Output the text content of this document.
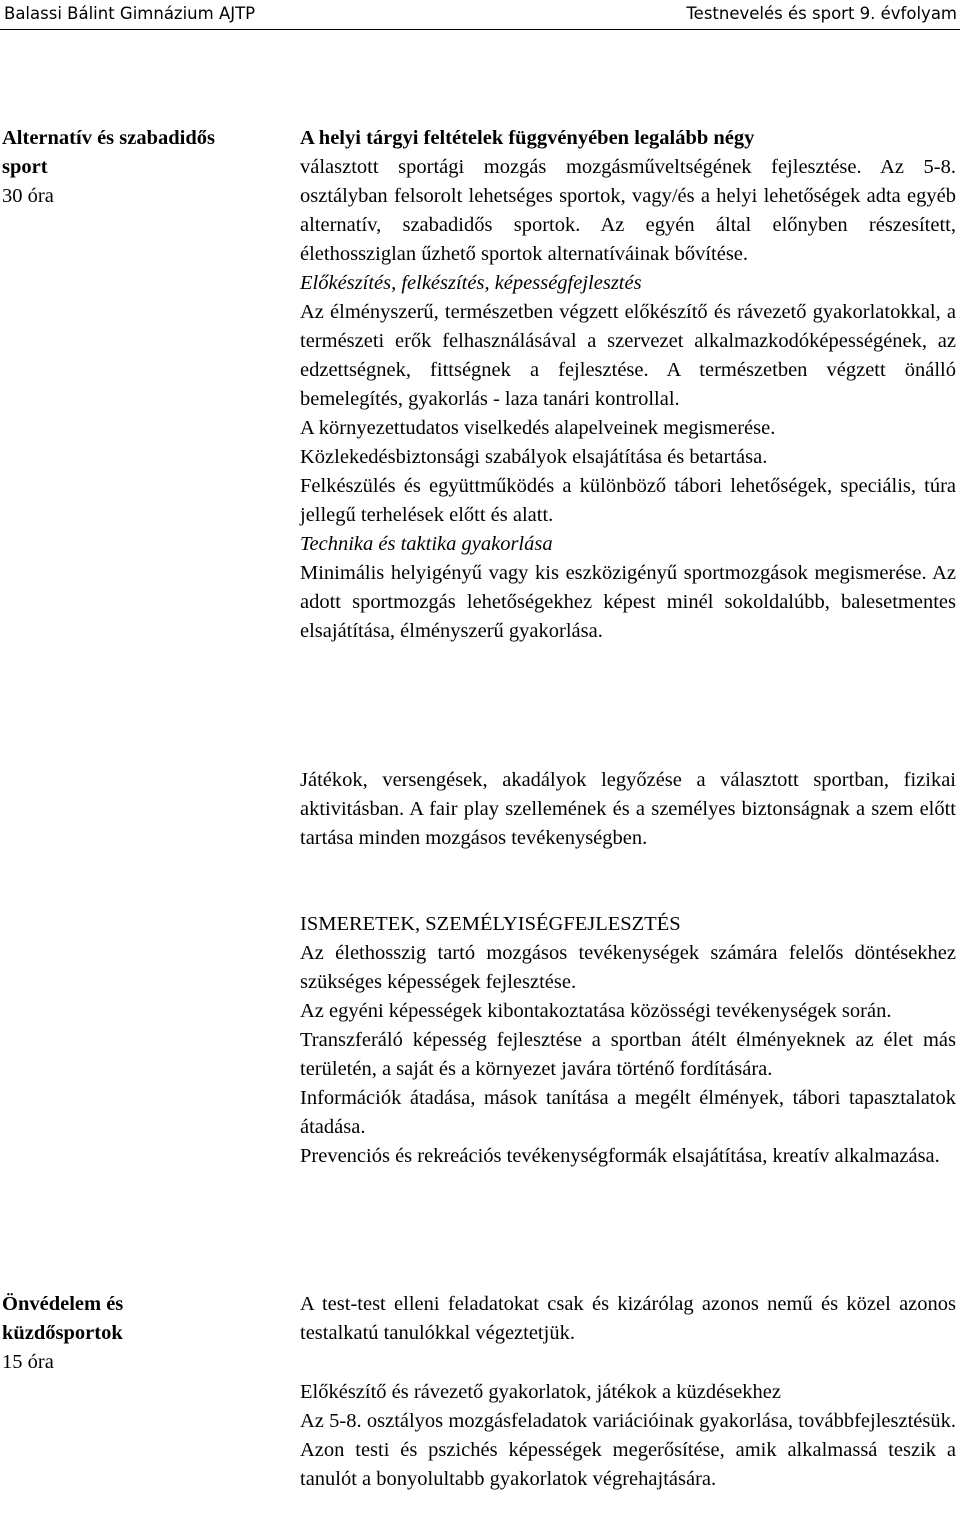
Balassi Bálint Gimnázium AJTP	Testnevelés és sport 9. évfolyam
Alternatív és szabadidős
sport
30 óra

A helyi tárgyi feltételek függvényében legalább négy

választott sportági mozgás mozgásműveltségének fejlesztése. Az 5-8. osztályban felsorolt lehetséges sportok, vagy/és a helyi lehetőségek adta egyéb alternatív, szabadidős sportok. Az egyén által előnyben részesített, élethossziglan űzhető sportok alternatíváinak bővítése.

Előkészítés, felkészítés, képességfejlesztés

Az élményszerű, természetben végzett előkészítő és rávezető gyakorlatokkal, a természeti erők felhasználásával a szervezet alkalmazkodóképességének, az edzettségnek, fittségnek a fejlesztése. A természetben végzett önálló bemelegítés, gyakorlás - laza tanári kontrollal.

A környezettudatos viselkedés alapelveinek megismerése.

Közlekedésbiztonsági szabályok elsajátítása és betartása.

Felkészülés és együttműködés a különböző tábori lehetőségek, speciális, túra jellegű terhelések előtt és alatt.

Technika és taktika gyakorlása

Minimális helyigényű vagy kis eszközigényű sportmozgások megismerése. Az adott sportmozgás lehetőségekhez képest minél sokoldalúbb, balesetmentes elsajátítása, élményszerű gyakorlása.

Játékok, versengések, akadályok legyőzése a választott sportban, fizikai aktivitásban. A fair play szellemének és a személyes biztonságnak a szem előtt tartása minden mozgásos tevékenységben.

ISMERETEK, SZEMÉLYISÉGFEJLESZTÉS

Az élethosszig tartó mozgásos tevékenységek számára felelős döntésekhez szükséges képességek fejlesztése.

Az egyéni képességek kibontakoztatása közösségi tevékenységek során.

Transzferáló képesség fejlesztése a sportban átélt élményeknek az élet más területén, a saját és a környezet javára történő fordítására.

Információk átadása, mások tanítása a megélt élmények, tábori tapasztalatok átadása.

Prevenciós és rekreációs tevékenységformák elsajátítása, kreatív alkalmazása.

Önvédelem és
küzdősportok
15 óra

A test-test elleni feladatokat csak és kizárólag azonos nemű és közel azonos testalkatú tanulókkal végeztetjük.

Előkészítő és rávezető gyakorlatok, játékok a küzdésekhez

Az 5-8. osztályos mozgásfeladatok variációinak gyakorlása, továbbfejlesztésük. Azon testi és pszichés képességek megerősítése, amik alkalmassá teszik a tanulót a bonyolultabb gyakorlatok végrehajtására.
